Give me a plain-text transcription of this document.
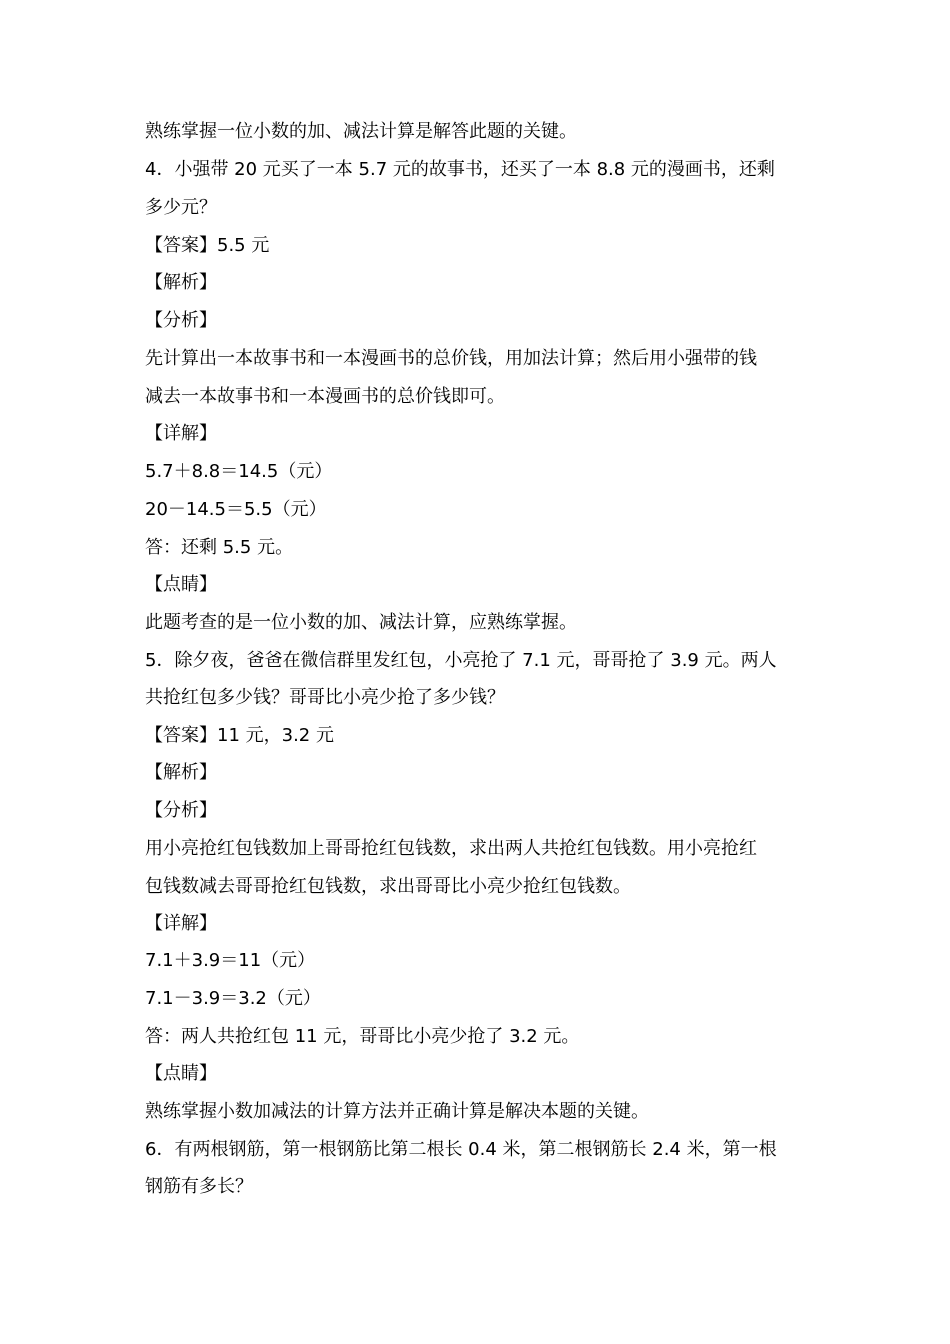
熟练掌握一位小数的加、减法计算是解答此题的关键。
4．小强带 20 元买了一本 5.7 元的故事书，还买了一本 8.8 元的漫画书，还剩
多少元？
【答案】5.5 元
【解析】
【分析】
先计算出一本故事书和一本漫画书的总价钱，用加法计算；然后用小强带的钱
减去一本故事书和一本漫画书的总价钱即可。
【详解】
5.7＋8.8＝14.5（元）
20－14.5＝5.5（元）
答：还剩 5.5 元。
【点睛】
此题考查的是一位小数的加、减法计算，应熟练掌握。
5．除夕夜，爸爸在微信群里发红包，小亮抢了 7.1 元，哥哥抢了 3.9 元。两人
共抢红包多少钱？哥哥比小亮少抢了多少钱？
【答案】11 元，3.2 元
【解析】
【分析】
用小亮抢红包钱数加上哥哥抢红包钱数，求出两人共抢红包钱数。用小亮抢红
包钱数减去哥哥抢红包钱数，求出哥哥比小亮少抢红包钱数。
【详解】
7.1＋3.9＝11（元）
7.1－3.9＝3.2（元）
答：两人共抢红包 11 元，哥哥比小亮少抢了 3.2 元。
【点睛】
熟练掌握小数加减法的计算方法并正确计算是解决本题的关键。
6．有两根钢筋，第一根钢筋比第二根长 0.4 米，第二根钢筋长 2.4 米，第一根
钢筋有多长？
